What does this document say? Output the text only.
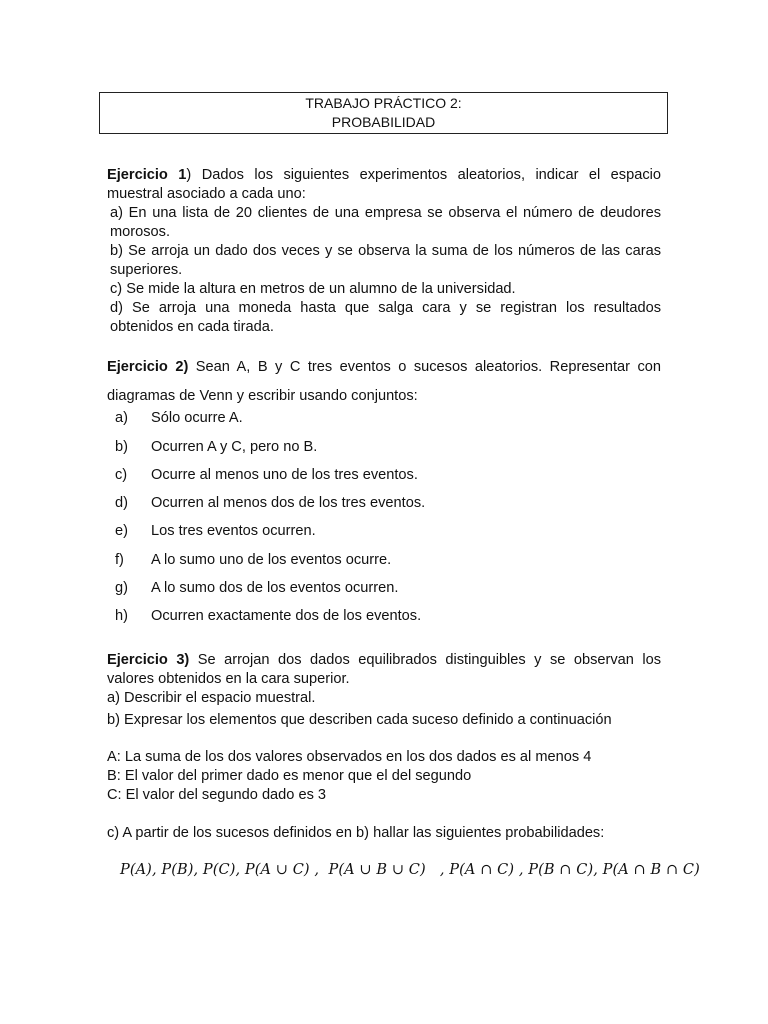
TRABAJO PRÁCTICO 2:
PROBABILIDAD
Ejercicio 1) Dados los siguientes experimentos aleatorios, indicar el espacio muestral asociado a cada uno:
a) En una lista de 20 clientes de una empresa se observa el número de deudores morosos.
b) Se arroja un dado dos veces y se observa la suma de los números de las caras superiores.
c) Se mide la altura en metros de un alumno de la universidad.
d) Se arroja una moneda hasta que salga cara y se registran los resultados obtenidos en cada tirada.
Ejercicio 2) Sean A, B y C tres eventos o sucesos aleatorios. Representar con
diagramas de Venn y escribir usando conjuntos:
a) Sólo ocurre A.
b) Ocurren A y C, pero no B.
c) Ocurre al menos uno de los tres eventos.
d) Ocurren al menos dos de los tres eventos.
e) Los tres eventos ocurren.
f) A lo sumo uno de los eventos ocurre.
g) A lo sumo dos de los eventos ocurren.
h) Ocurren exactamente dos de los eventos.
Ejercicio 3) Se arrojan dos dados equilibrados distinguibles y se observan los valores obtenidos en la cara superior.
a) Describir el espacio muestral.
b) Expresar los elementos que describen cada suceso definido a continuación
A: La suma de los dos valores observados en los dos dados es al menos 4
B: El valor del primer dado es menor que el del segundo
C: El valor del segundo dado es 3
c) A partir de los sucesos definidos en b) hallar las siguientes probabilidades:
P(A), P(B), P(C), P(A ∪ C) ,  P(A ∪ B ∪ C)   , P(A ∩ C) , P(B ∩ C), P(A ∩ B ∩ C)
